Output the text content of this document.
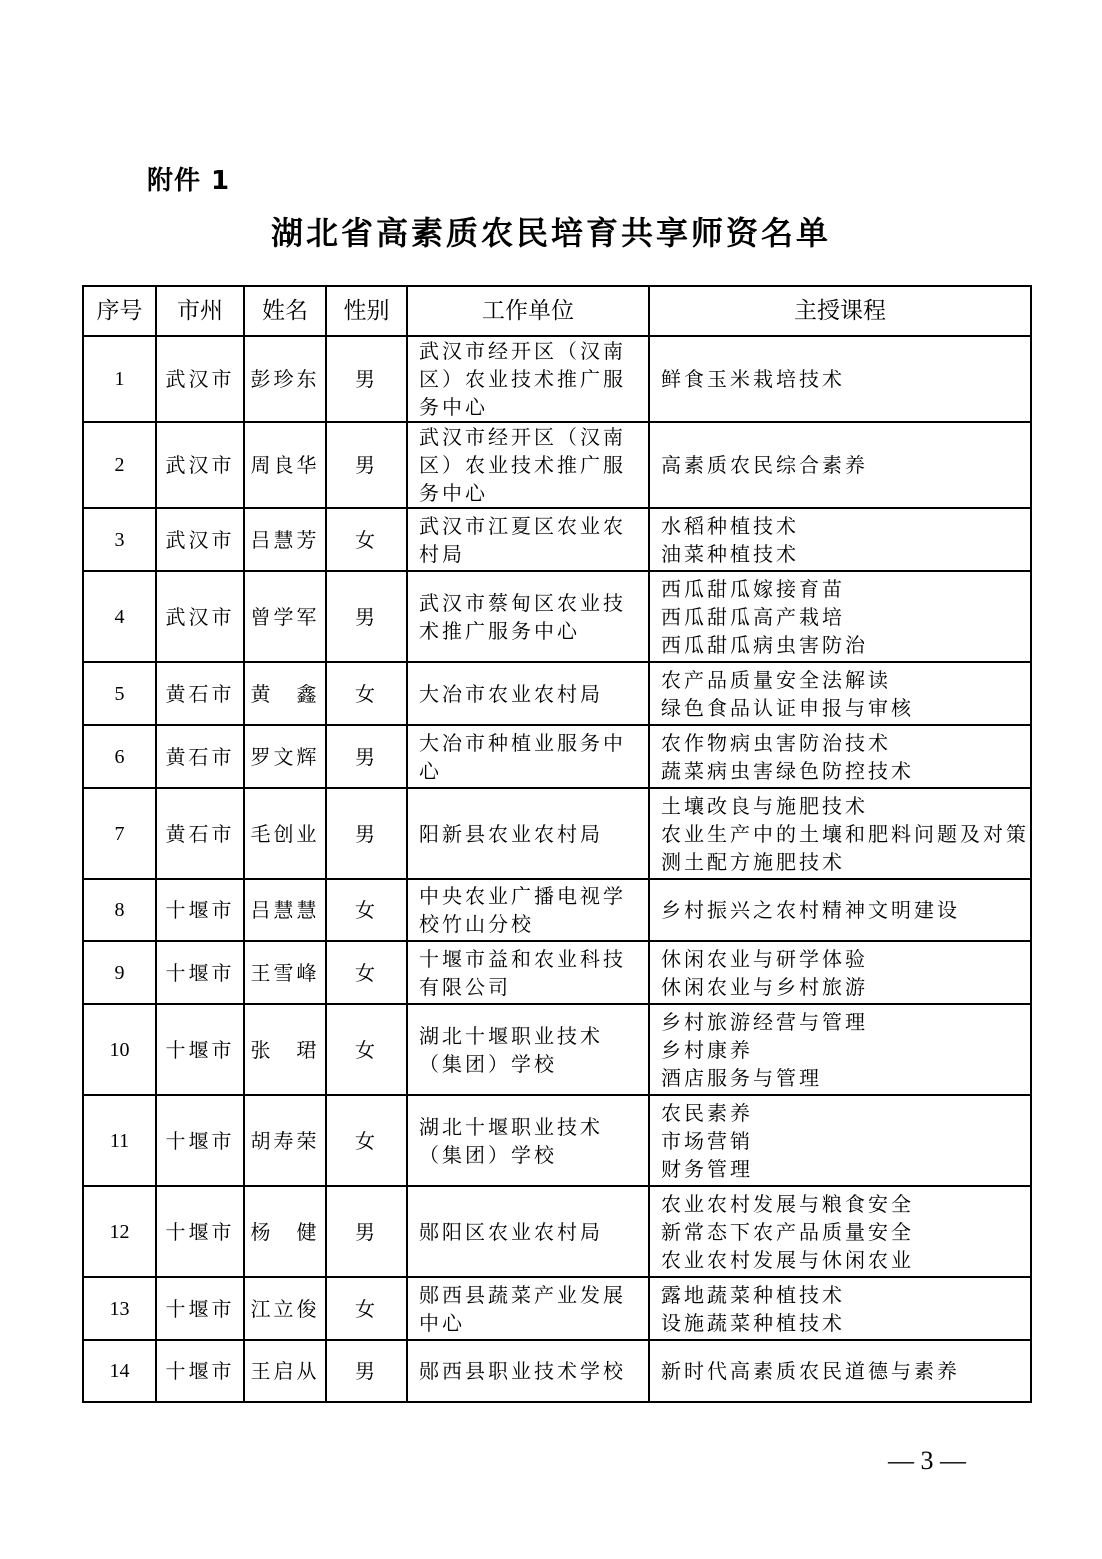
附件 1
湖北省高素质农民培育共享师资名单
序号	市州	姓名	性别	工作单位	主授课程
1	武汉市	彭珍东	男	武汉市经开区（汉南区）农业技术推广服务中心	鲜食玉米栽培技术

2	武汉市	周良华	男	武汉市经开区（汉南区）农业技术推广服务中心	高素质农民综合素养

3	武汉市	吕慧芳	女	武汉市江夏区农业农村局	水稻种植技术
油菜种植技术

4	武汉市	曾学军	男	武汉市蔡甸区农业技术推广服务中心	西瓜甜瓜嫁接育苗
西瓜甜瓜高产栽培
西瓜甜瓜病虫害防治

5	黄石市	黄　鑫	女	大冶市农业农村局	农产品质量安全法解读
绿色食品认证申报与审核

6	黄石市	罗文辉	男	大冶市种植业服务中心	农作物病虫害防治技术
蔬菜病虫害绿色防控技术

7	黄石市	毛创业	男	阳新县农业农村局	土壤改良与施肥技术
农业生产中的土壤和肥料问题及对策
测土配方施肥技术

8	十堰市	吕慧慧	女	中央农业广播电视学校竹山分校	乡村振兴之农村精神文明建设

9	十堰市	王雪峰	女	十堰市益和农业科技有限公司	休闲农业与研学体验
休闲农业与乡村旅游

10	十堰市	张　珺	女	湖北十堰职业技术（集团）学校	乡村旅游经营与管理
乡村康养
酒店服务与管理

11	十堰市	胡寿荣	女	湖北十堰职业技术（集团）学校	农民素养
市场营销
财务管理

12	十堰市	杨　健	男	郧阳区农业农村局	农业农村发展与粮食安全
新常态下农产品质量安全
农业农村发展与休闲农业

13	十堰市	江立俊	女	郧西县蔬菜产业发展中心	露地蔬菜种植技术
设施蔬菜种植技术

14	十堰市	王启从	男	郧西县职业技术学校	新时代高素质农民道德与素养
— 3 —
